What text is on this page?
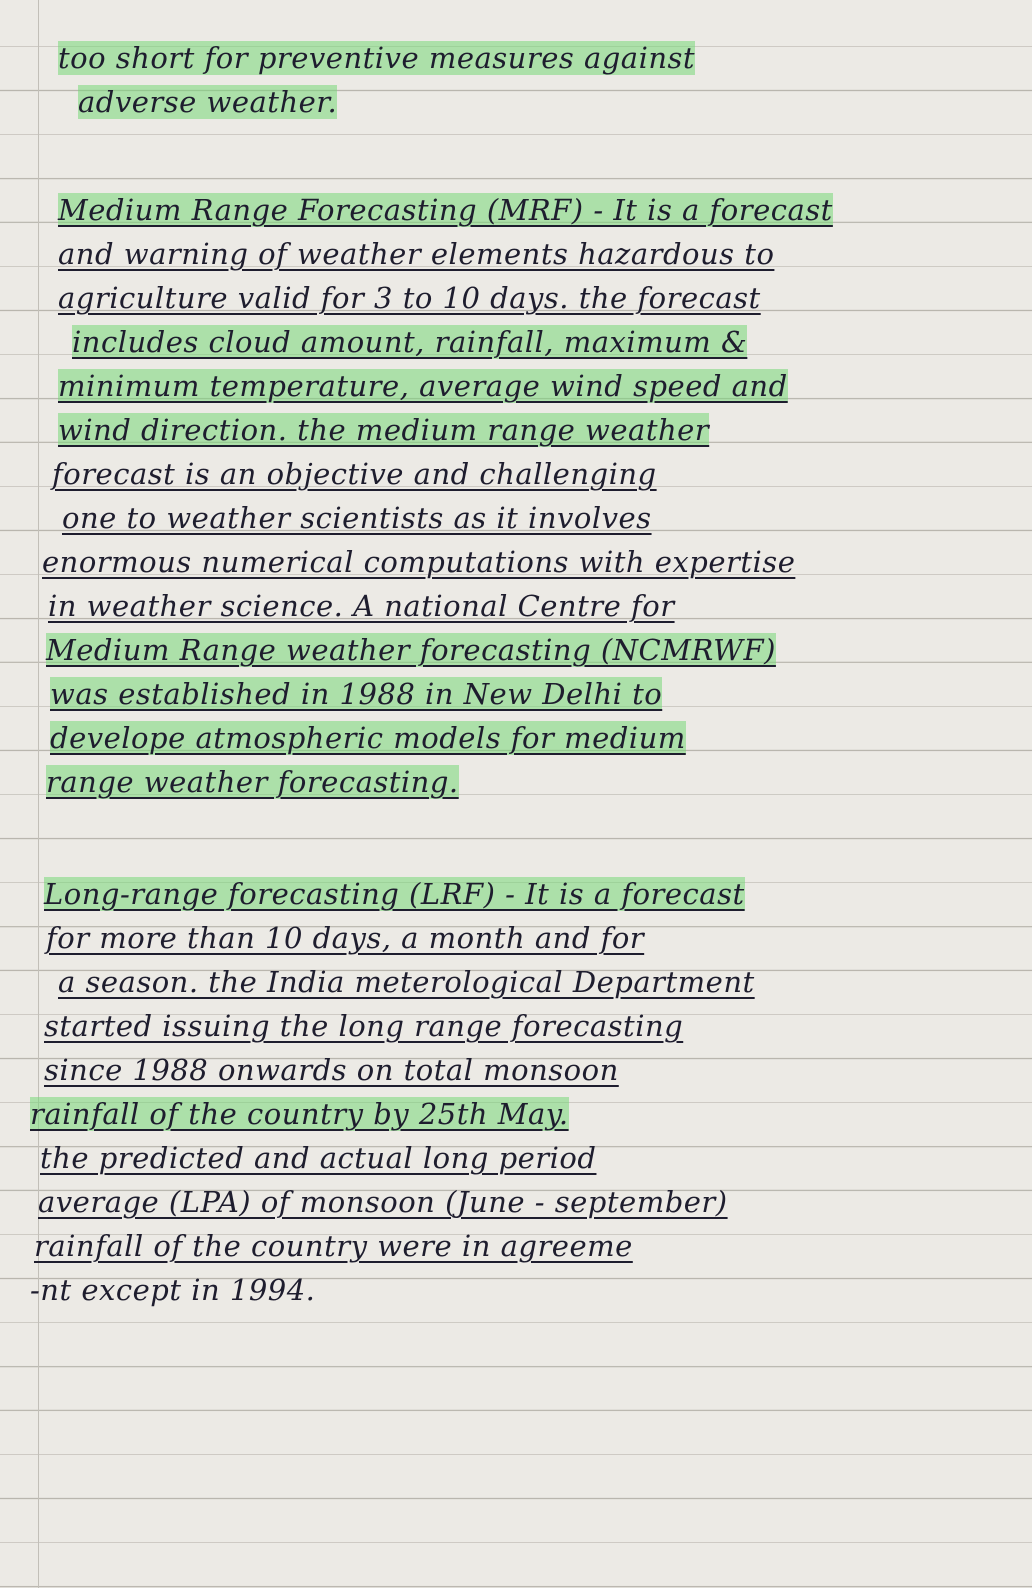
too short for preventive measures against
adverse weather.
Medium Range Forecasting (MRF) - It is a forecast
and warning of weather elements hazardous to
agriculture valid for 3 to 10 days. the forecast
includes cloud amount, rainfall, maximum &
minimum temperature, average wind speed and
wind direction. the medium range weather
forecast is an objective and challenging
one to weather scientists as it involves
enormous numerical computations with expertise
in weather science. A national Centre for
Medium Range weather forecasting (NCMRWF)
was established in 1988 in New Delhi to
develope atmospheric models for medium
range weather forecasting.
Long-range forecasting (LRF) - It is a forecast
for more than 10 days, a month and for
a season. the India meterological Department
started issuing the long range forecasting
since 1988 onwards on total monsoon
rainfall of the country by 25th May.
the predicted and actual long period
average (LPA) of monsoon (June - september)
rainfall of the country were in agreeme
-nt except in 1994.
